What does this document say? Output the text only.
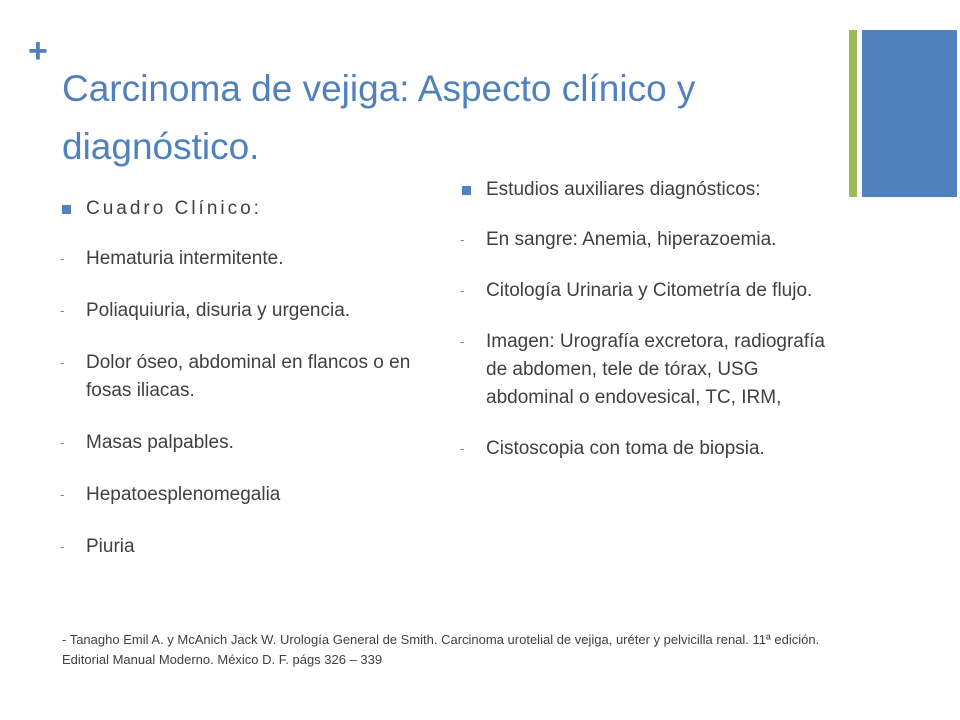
+
Carcinoma de vejiga: Aspecto clínico y diagnóstico.
Cuadro Clínico:
- Hematuria intermitente.
- Poliaquiuria, disuria y urgencia.
- Dolor óseo, abdominal en flancos o en fosas iliacas.
- Masas palpables.
- Hepatoesplenomegalia
- Piuria
Estudios auxiliares diagnósticos:
- En sangre: Anemia, hiperazoemia.
- Citología Urinaria y Citometría de flujo.
- Imagen: Urografía excretora, radiografía de abdomen, tele de tórax, USG abdominal o endovesical, TC, IRM,
- Cistoscopia con toma de biopsia.
- Tanagho Emil A. y McAnich Jack W. Urología General de Smith. Carcinoma urotelial de vejiga, uréter y pelvicilla renal. 11ª edición. Editorial Manual Moderno. México D. F. págs 326 – 339
